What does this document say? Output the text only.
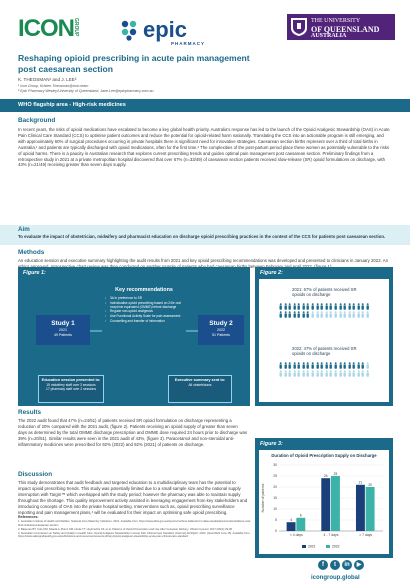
ICON GROUP	epic
PHARMACY
THE UNIVERSITY
OF QUEENSLAND
AUSTRALIA
Reshaping opioid prescribing in acute pain management post caesarean section
K. THEOSMAN¹ and J. LEE²
¹ Icon Group, Kristen.Theosman@icon.team
² Epic Pharmacy Wesley/University of Queensland, Jane.Lee@epicpharmacy.com.au
WHO flagship area - High-risk medicines
Background

In recent years, the risks of opioid medications have escalated to become a key global health priority. Australia's response has led to the launch of the Opioid Analgesic Stewardship (OAS) in Acute Pain Clinical Care Standard (CCS) to optimise patient outcomes and reduce the potential for opioid-related harm nationally. Translating the CCS into an actionable program is still emerging, and with approximately 60% of surgical procedures occurring in private hospitals there is significant need for innovative strategies. Caesarean section births represent over a third of total births in Australia,¹ and patients are typically discharged with opioid medications, often for the first time.² The complexities of the post-partum period place these women as potentially vulnerable to the risks of opioid harms. There is a paucity in Australian research that explores current prescribing trends and guides optimal pain management post caesarean section. Preliminary findings from a retrospective study in 2021 at a private metropolitan hospital discovered that over 67% (n=33/49) of caesarean section patients received slow-release (SR) opioid formulations on discharge, with 43% (n=21/49) receiving greater than seven days supply.

Aim
To evaluate the impact of obstetrician, midwifery and pharmacist education on discharge opioid prescribing practices in the context of the CCS for patients post caesarean section.
Methods

An education session and executive summary highlighting the audit results from 2021 and key opioid prescribing recommendations was developed and presented to clinicians in January 2022. An

Figure 1:
Study 1
2021
49 Patients
Key recommendations
• 3A in preference to SR
• Individualise opioid prescribing based on 24hr oral morphine equivalent (OMME) before discharge
• Regular non-opioid analgesics
• Use Functional Activity Scale for pain assessment
• Counselling and transfer of information	Study 2
2022
51 Patients
Education session presented to:
15 midwifery staff over 3 sessions
17 pharmacy staff over 2 sessions
Executive summary sent to:
All obstetricians
Figure 2:
2021: 67% of patients received SR opioids on discharge
2022: 47% of patients received SR opioids on discharge
Results

The 2022 audit found that 47% (n=24/51) of patients received SR opioid formulation on discharge representing a reduction of 20% compared with the 2021 audit, (figure 2). Patients receiving an opioid supply of greater than seven days as determined by the total OMME discharge prescription and OMME dose required 24 hours prior to discharge was 39% (n=20/51). Similar results were seen in the 2021 audit of 43%, (figure 3). Paracetamol and non-steroidal anti-inflammatory medicines were prescribed for 92% (2022) and 92% (2021) of patients on discharge.

Discussion

This study demonstrates that audit feedback and targeted education to a multidisciplinary team has the potential to impact opioid prescribing trends. This study was potentially limited due to a small sample size and the national supply interruption with Targin™ which overlapped with the study period; however the pharmacy was able to maintain supply throughout the shortage. This quality improvement activity assisted in leveraging engagement from key stakeholders and introducing concepts of OAS into the private hospital setting. Interventions such as, opioid prescribing surveillance reporting and pain management plans,³ will be evaluated for their impact on optimising safe opioid prescribing.

Figure 3:
Duration of Opioid Prescription Supply on Discharge
0
5
10
15
20
25
30
Number of patients
4
6
< 4 days
24
25
4 - 7 days
21
20
> 7 days
2021	2022
References:
1. Australian Institute of Health and Welfare. National Core Maternity Indicators. 2021. Available from: https://www.aihw.gov.au/reports/mothers-babies/ncmi-data-visualisations/contents/labour-and-birth-indicators/caesarean-section
2. Bateman BT, Cole NM, Maeda A, Burns SM, Houle TT, Huybrechts KF, et al. Patterns of Opioid Prescription and Use After Cesarean Delivery. Obstet Gynecol. 2017;130(1):29-35
3. Australian Commission on Safety and Quality in Health Care. Opioid Analgesic Stewardship in Acute Pain Clinical Care Standard. [Internet] ACSQHC; 2022. [cited 2022 June 15]. Available from: https://www.safetyandquality.gov.au/publications-and-resources/resource-library/opioid-analgesic-stewardship-acute-pain-clinical-care-standard
f	t	in	▶
icongroup.global
